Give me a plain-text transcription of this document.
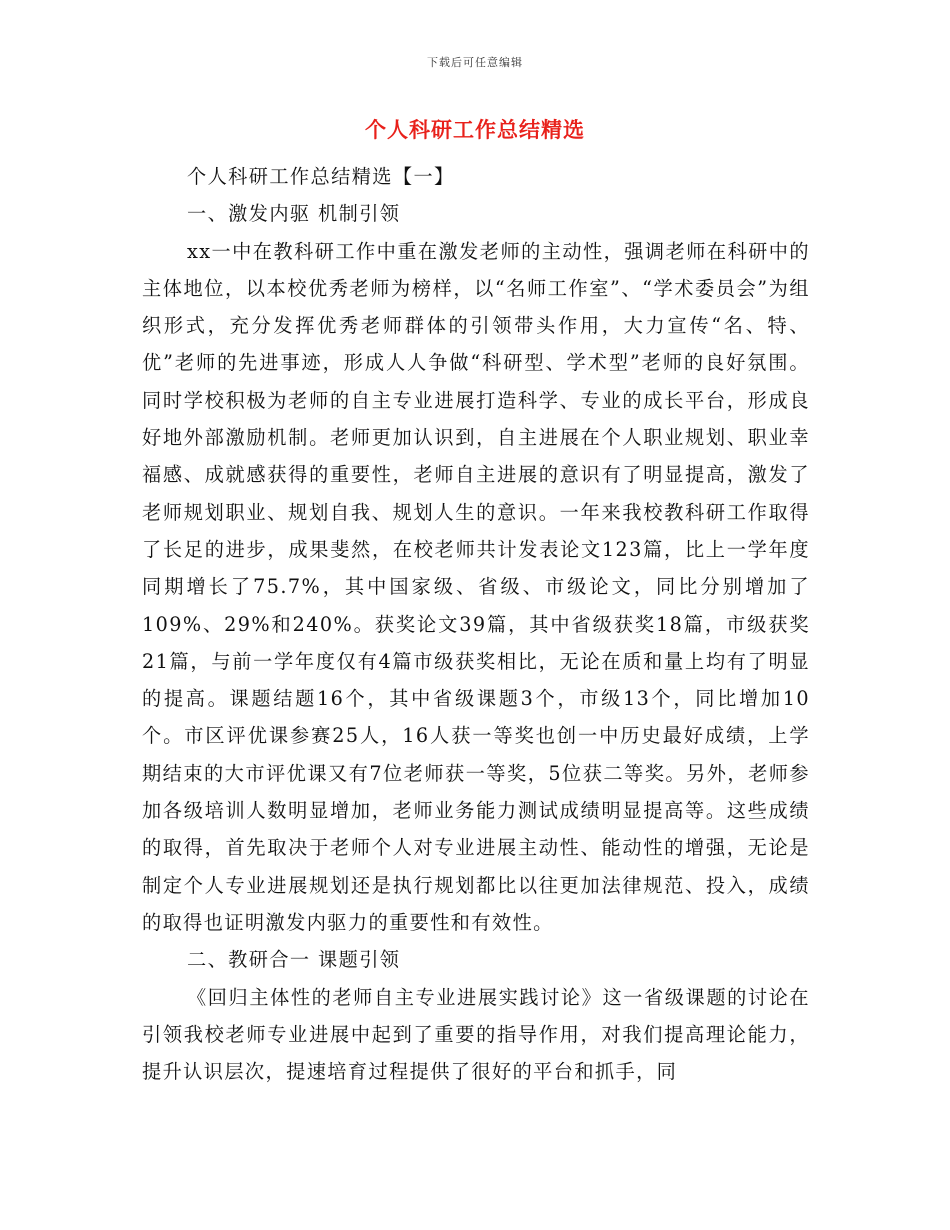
下载后可任意编辑
个人科研工作总结精选

个人科研工作总结精选【一】

一、激发内驱 机制引领

xx一中在教科研工作中重在激发老师的主动性，强调老师在科研中的主体地位，以本校优秀老师为榜样，以“名师工作室”、“学术委员会”为组织形式，充分发挥优秀老师群体的引领带头作用，大力宣传“名、特、优”老师的先进事迹，形成人人争做“科研型、学术型”老师的良好氛围。同时学校积极为老师的自主专业进展打造科学、专业的成长平台，形成良好地外部激励机制。老师更加认识到，自主进展在个人职业规划、职业幸福感、成就感获得的重要性，老师自主进展的意识有了明显提高，激发了老师规划职业、规划自我、规划人生的意识。一年来我校教科研工作取得了长足的进步，成果斐然，在校老师共计发表论文123篇，比上一学年度同期增长了75.7%，其中国家级、省级、市级论文，同比分别增加了109%、29%和240%。获奖论文39篇，其中省级获奖18篇，市级获奖21篇，与前一学年度仅有4篇市级获奖相比，无论在质和量上均有了明显的提高。课题结题16个，其中省级课题3个，市级13个，同比增加10个。市区评优课参赛25人，16人获一等奖也创一中历史最好成绩，上学期结束的大市评优课又有7位老师获一等奖，5位获二等奖。另外，老师参加各级培训人数明显增加，老师业务能力测试成绩明显提高等。这些成绩的取得，首先取决于老师个人对专业进展主动性、能动性的增强，无论是制定个人专业进展规划还是执行规划都比以往更加法律规范、投入，成绩的取得也证明激发内驱力的重要性和有效性。

二、教研合一 课题引领

《回归主体性的老师自主专业进展实践讨论》这一省级课题的讨论在引领我校老师专业进展中起到了重要的指导作用，对我们提高理论能力，提升认识层次，提速培育过程提供了很好的平台和抓手，同
